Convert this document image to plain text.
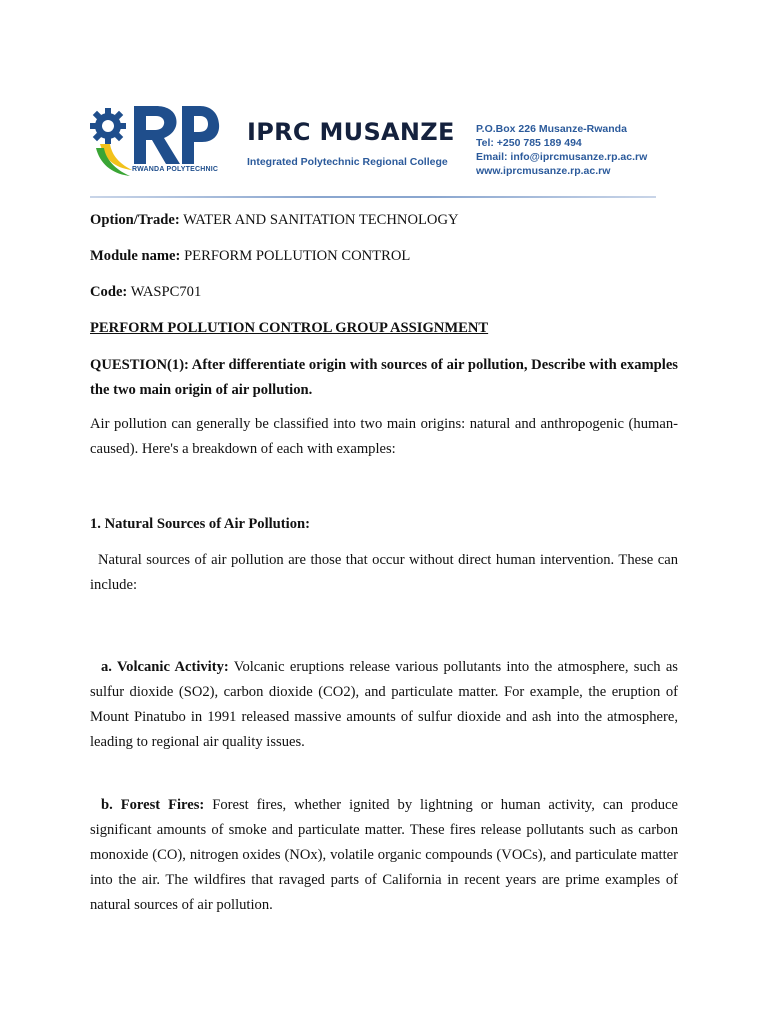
RWANDA POLYTECHNIC
IPRC MUSANZE
Integrated Polytechnic Regional College
P.O.Box 226 Musanze-Rwanda
Tel: +250 785 189 494
Email: info@iprcmusanze.rp.ac.rw
www.iprcmusanze.rp.ac.rw
Option/Trade: WATER AND SANITATION TECHNOLOGY
Module name: PERFORM POLLUTION CONTROL
Code: WASPC701
PERFORM POLLUTION CONTROL GROUP ASSIGNMENT
QUESTION(1): After differentiate origin with sources of air pollution, Describe with examples the two main origin of air pollution.
Air pollution can generally be classified into two main origins: natural and anthropogenic (human-caused). Here's a breakdown of each with examples:
1. Natural Sources of Air Pollution:
Natural sources of air pollution are those that occur without direct human intervention. These can include:
a. Volcanic Activity: Volcanic eruptions release various pollutants into the atmosphere, such as sulfur dioxide (SO2), carbon dioxide (CO2), and particulate matter. For example, the eruption of Mount Pinatubo in 1991 released massive amounts of sulfur dioxide and ash into the atmosphere, leading to regional air quality issues.
b. Forest Fires: Forest fires, whether ignited by lightning or human activity, can produce significant amounts of smoke and particulate matter. These fires release pollutants such as carbon monoxide (CO), nitrogen oxides (NOx), volatile organic compounds (VOCs), and particulate matter into the air. The wildfires that ravaged parts of California in recent years are prime examples of natural sources of air pollution.
